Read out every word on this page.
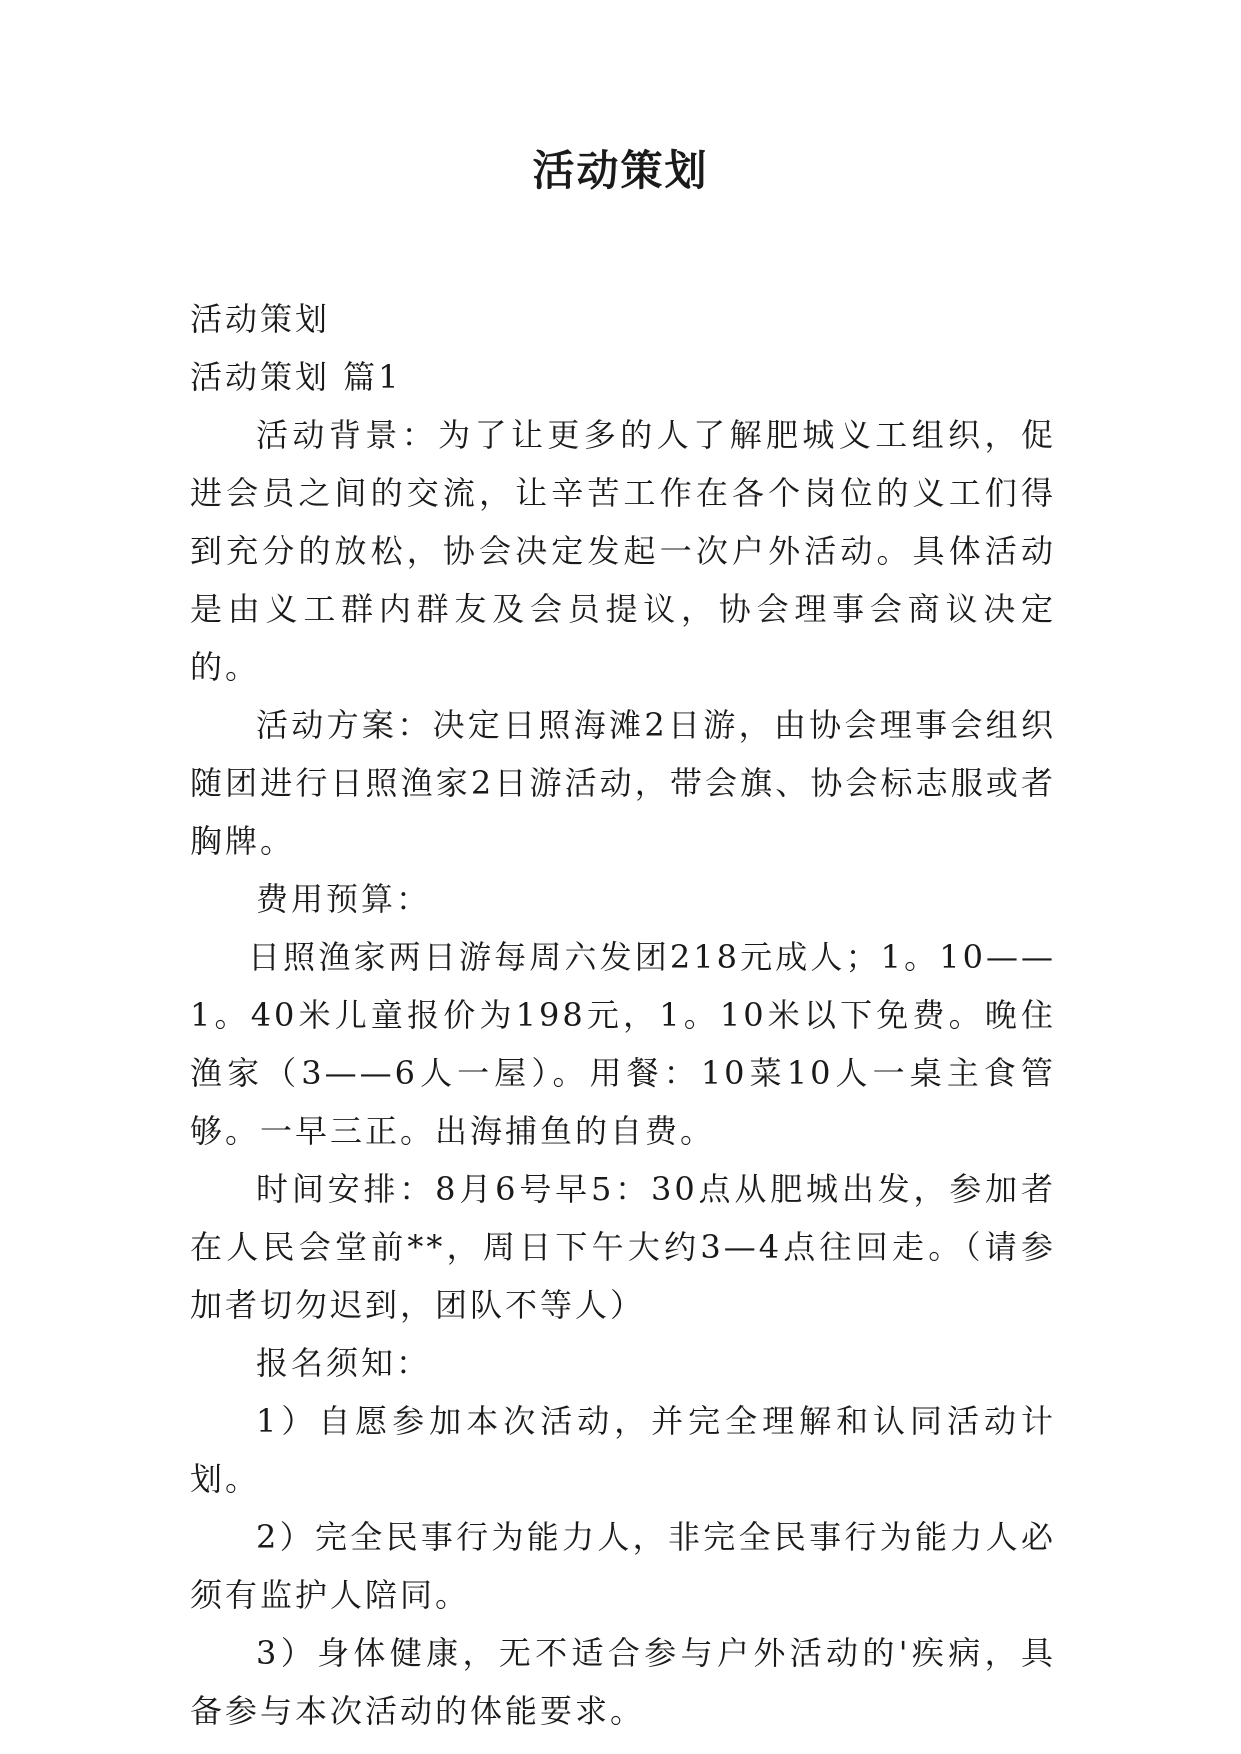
活动策划

活动策划

活动策划 篇1

活动背景：为了让更多的人了解肥城义工组织，促进会员之间的交流，让辛苦工作在各个岗位的义工们得到充分的放松，协会决定发起一次户外活动。具体活动是由义工群内群友及会员提议，协会理事会商议决定的。

活动方案：决定日照海滩2日游，由协会理事会组织随团进行日照渔家2日游活动，带会旗、协会标志服或者胸牌。

费用预算：

日照渔家两日游每周六发团218元成人；1。10——1。40米儿童报价为198元，1。10米以下免费。晚住渔家（3——6人一屋）。用餐：10菜10人一桌主食管够。一早三正。出海捕鱼的自费。

时间安排：8月6号早5：30点从肥城出发，参加者在人民会堂前**，周日下午大约3—4点往回走。（请参加者切勿迟到，团队不等人）

报名须知：

1）自愿参加本次活动，并完全理解和认同活动计划。

2）完全民事行为能力人，非完全民事行为能力人必须有监护人陪同。

3）身体健康，无不适合参与户外活动的'疾病，具备参与本次活动的体能要求。
